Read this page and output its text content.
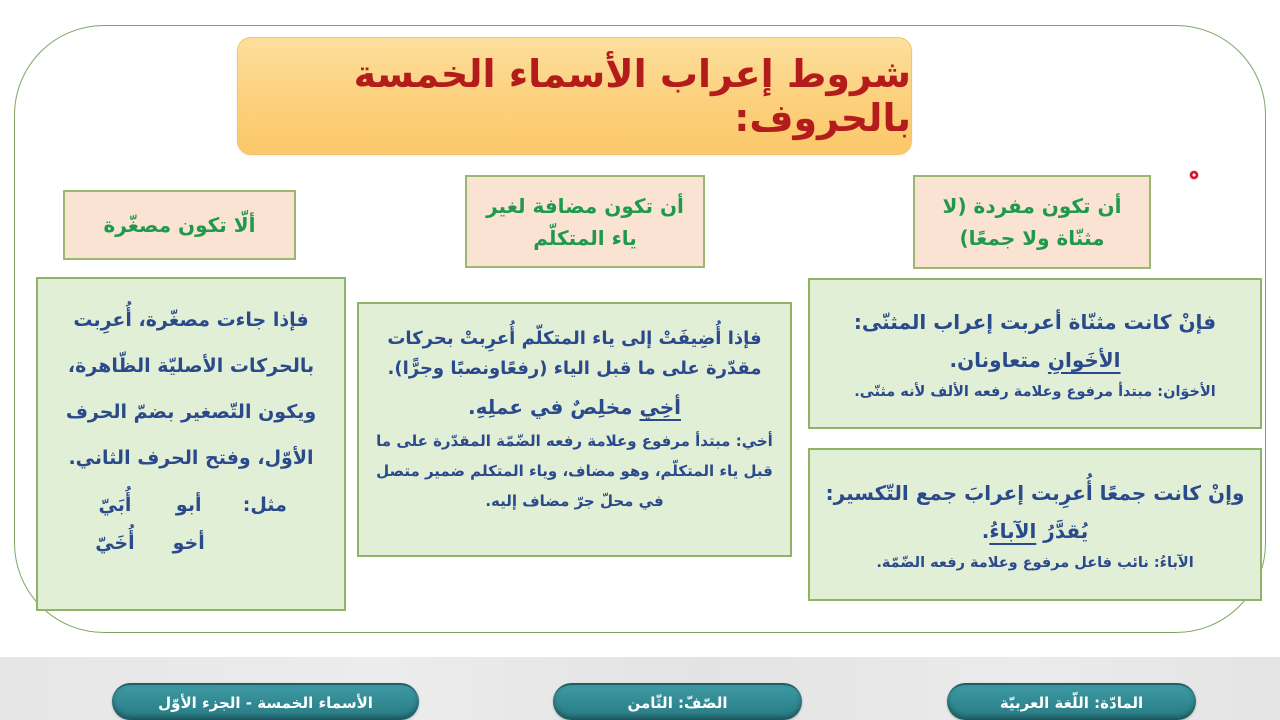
شروط إعراب الأسماء الخمسة بالحروف:
أن تكون مفردة (لا مثنّاة ولا جمعًا)
أن تكون مضافة لغير ياء المتكلّم
ألّا تكون مصغّرة
فإنْ كانت مثنّاة أعربت إعراب المثنّى:
الأخَوانِ متعاونان.
الأخوَان: مبتدأ مرفوع وعلامة رفعه الألف لأنه مثنّى.
وإنْ كانت جمعًا أُعرِبت إعرابَ جمع التّكسير:
يُقدَّرُ الآباءُ.
الآباءُ: نائب فاعل مرفوع وعلامة رفعه الضّمّة.
فإذا أُضِيفَتْ إلى ياء المتكلّم أُعرِبتْ بحركات
مقدّرة على ما قبل الياء (رفعًاونصبًا وجرًّا).
أخِي مخلِصٌ في عملِهِ.
أخي: مبتدأ مرفوع وعلامة رفعه الضّمّة المقدّرة على ما قبل ياء المتكلّم، وهو مضاف، وياء المتكلم ضمير متصل في محلّ جرّ مضاف إليه.
فإذا جاءت مصغّرة، أُعرِبت
بالحركات الأصليّة الظّاهرة،
ويكون التّصغير بضمّ الحرف
الأوّل، وفتح الحرف الثاني.
مثل:
أبو
أُبَيّ
أخو
أُخَيّ
الأسماء الخمسة - الجزء الأوّل	الصّفّ: الثّامن	المادّة: اللّغة العربيّة
